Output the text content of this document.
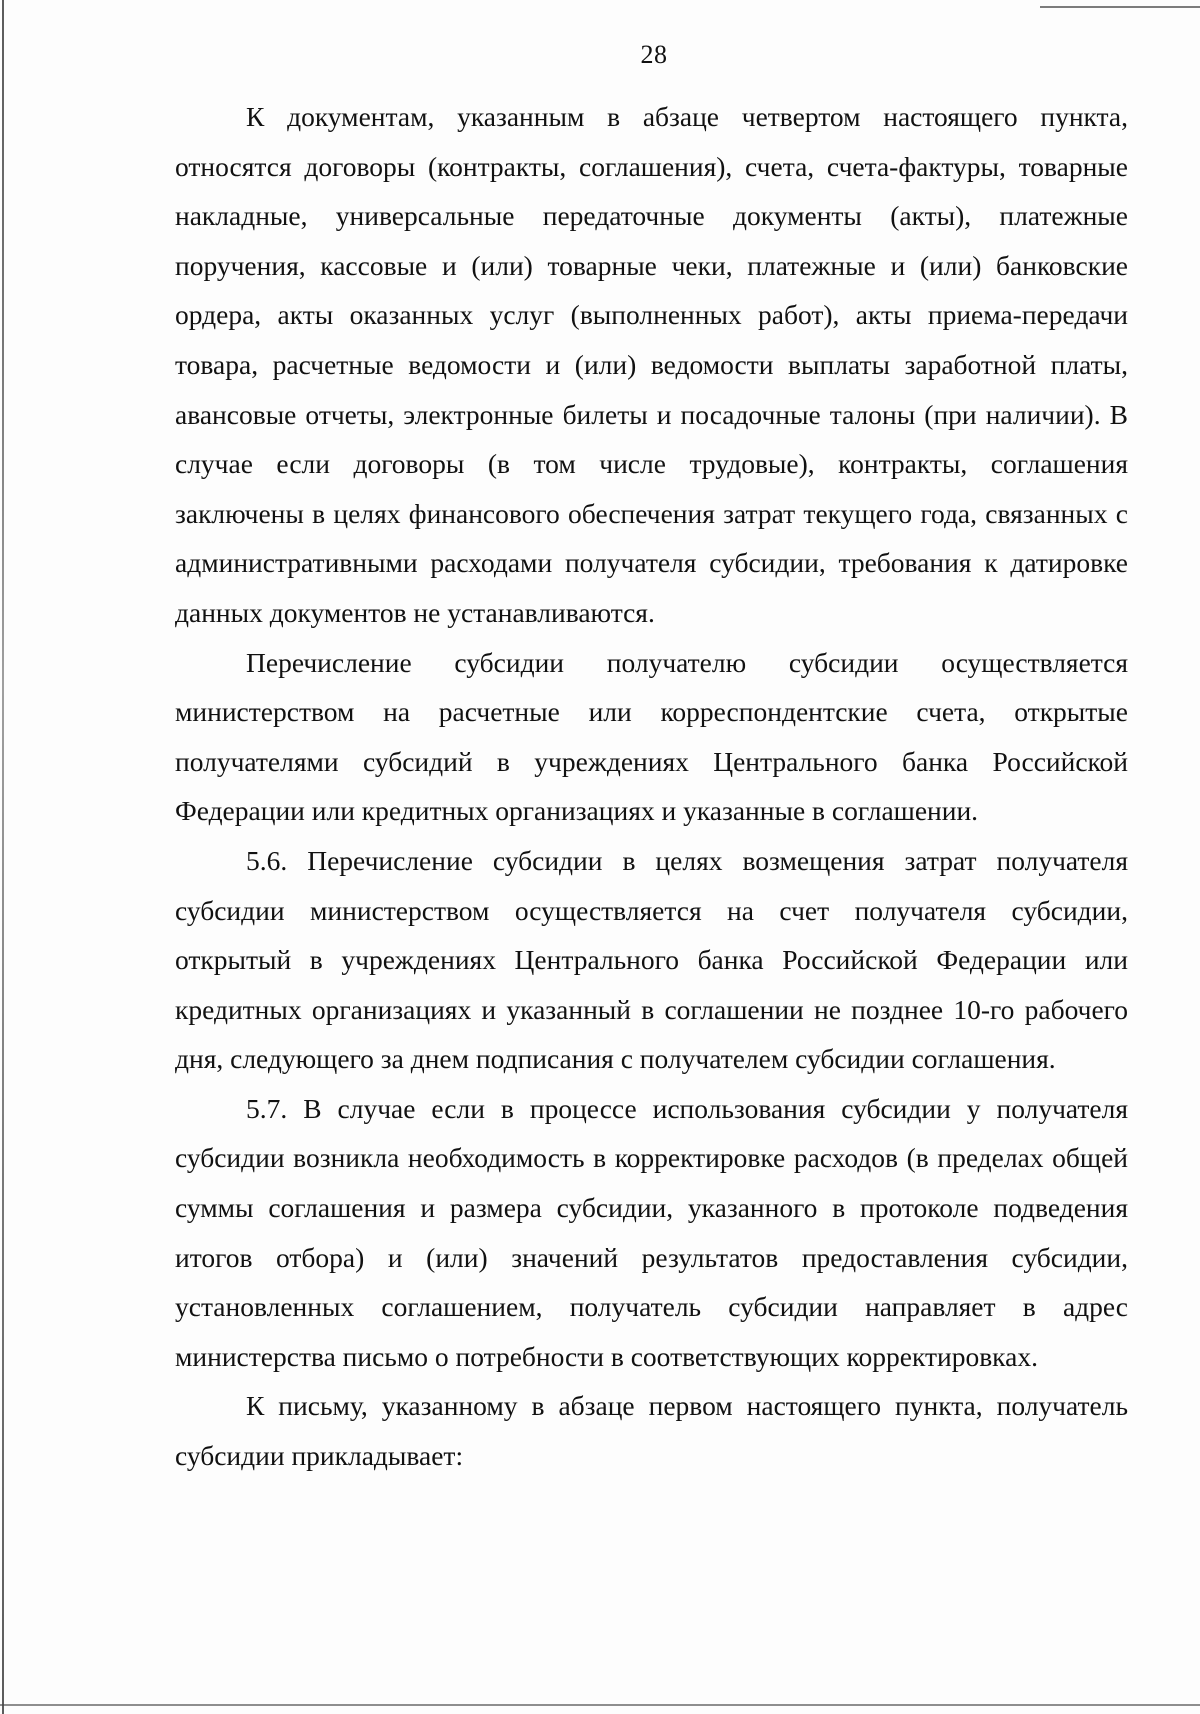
28

К документам, указанным в абзаце четвертом настоящего пункта, относятся договоры (контракты, соглашения), счета, счета-фактуры, товарные накладные, универсальные передаточные документы (акты), платежные поручения, кассовые и (или) товарные чеки, платежные и (или) банковские ордера, акты оказанных услуг (выполненных работ), акты приема-передачи товара, расчетные ведомости и (или) ведомости выплаты заработной платы, авансовые отчеты, электронные билеты и посадочные талоны (при наличии). В случае если договоры (в том числе трудовые), контракты, соглашения заключены в целях финансового обеспечения затрат текущего года, связанных с административными расходами получателя субсидии, требования к датировке данных документов не устанавливаются.

Перечисление субсидии получателю субсидии осуществляется министерством на расчетные или корреспондентские счета, открытые получателями субсидий в учреждениях Центрального банка Российской Федерации или кредитных организациях и указанные в соглашении.

5.6. Перечисление субсидии в целях возмещения затрат получателя субсидии министерством осуществляется на счет получателя субсидии, открытый в учреждениях Центрального банка Российской Федерации или кредитных организациях и указанный в соглашении не позднее 10-го рабочего дня, следующего за днем подписания с получателем субсидии соглашения.

5.7. В случае если в процессе использования субсидии у получателя субсидии возникла необходимость в корректировке расходов (в пределах общей суммы соглашения и размера субсидии, указанного в протоколе подведения итогов отбора) и (или) значений результатов предоставления субсидии, установленных соглашением, получатель субсидии направляет в адрес министерства письмо о потребности в соответствующих корректировках.

К письму, указанному в абзаце первом настоящего пункта, получатель субсидии прикладывает:
